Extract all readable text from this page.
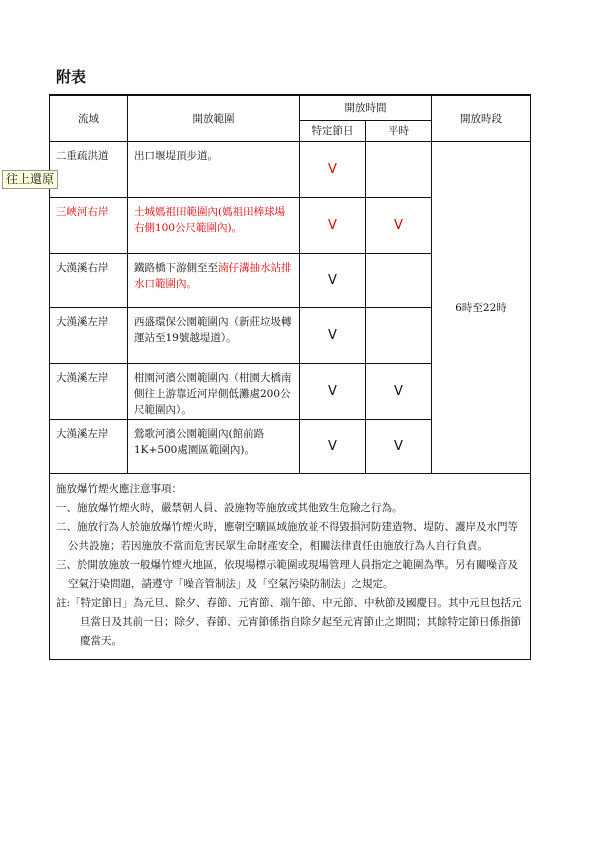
附表
往上還原
流域	開放範圍	開放時間		開放時段
		特定節日	平時	
二重疏洪道	出口堰堤頂步道。	V		6時至22時
三峽河右岸	土城媽祖田範圍內(媽祖田棒球場右側100公尺範圍內)。	V	V	
大漢溪右岸	鐵路橋下游側至至湳仔溝抽水站排水口範圍內。	V		
大漢溪左岸	西盛環保公園範圍內（新莊垃圾轉運站至19號越堤道）。	V		
大漢溪左岸	柑園河濱公園範圍內（柑園大橋南側往上游靠近河岸側低灘處200公尺範圍內）。	V	V	
大漢溪左岸	鶯歌河濱公園範圍內(館前路1K+500處園區範圍內)。	V	V	

施放爆竹煙火應注意事項：
一、施放爆竹煙火時，嚴禁朝人員、設施物等施放或其他致生危險之行為。
二、施放行為人於施放爆竹煙火時，應朝空曠區域施放並不得毀損河防建造物、堤防、護岸及水門等公共設施；若因施放不當而危害民眾生命財產安全，相關法律責任由施放行為人自行負責。
三、於開放施放一般爆竹煙火地區，依現場標示範圍或現場管理人員指定之範圍為準。另有關噪音及空氣汙染問題，請遵守「噪音管制法」及「空氣污染防制法」之規定。
註:「特定節日」為元旦、除夕、春節、元宵節、端午節、中元節、中秋節及國慶日。其中元旦包括元旦當日及其前一日；除夕、春節、元宵節係指自除夕起至元宵節止之期間；其餘特定節日係指節慶當天。				
